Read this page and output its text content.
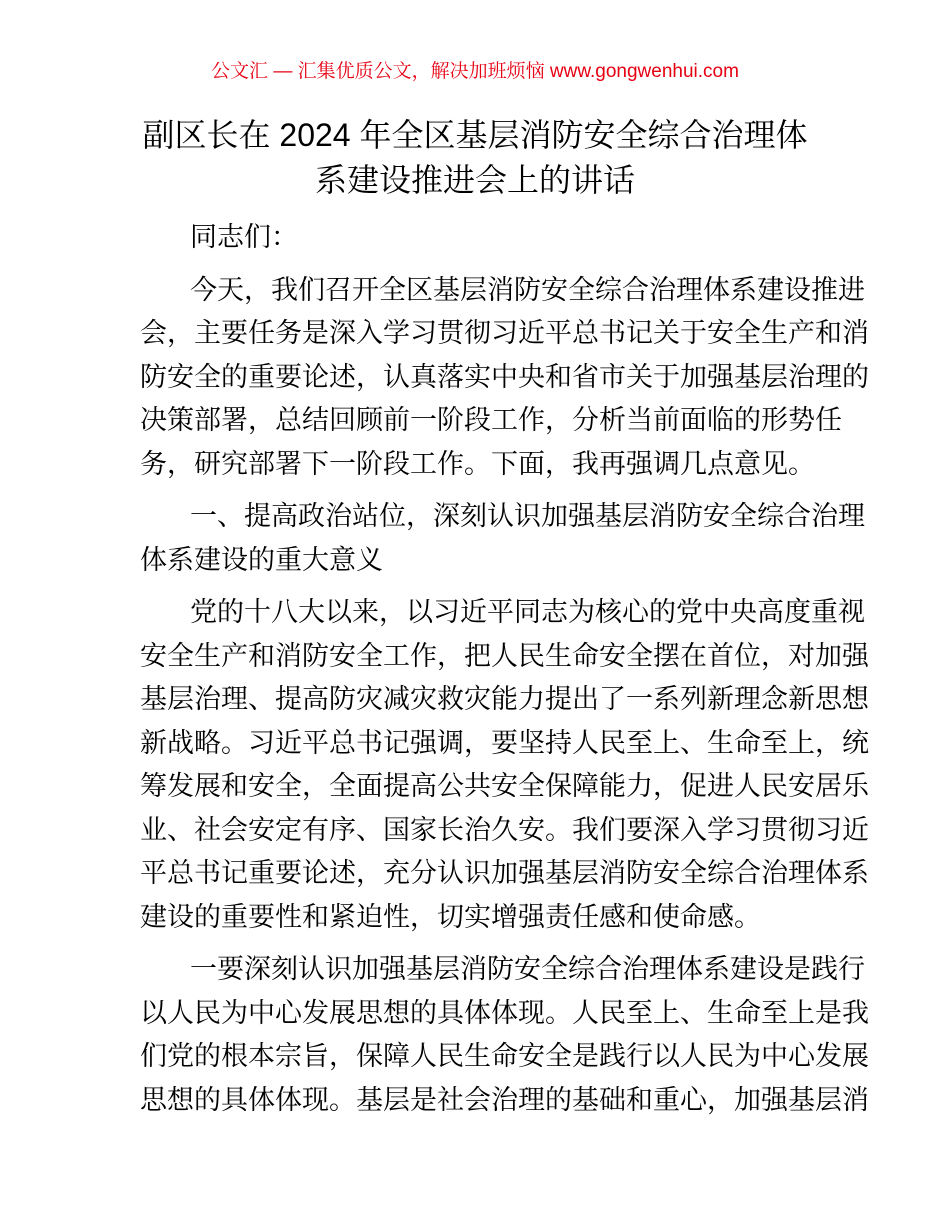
公文汇 — 汇集优质公文，解决加班烦恼 www.gongwenhui.com
副区长在 2024 年全区基层消防安全综合治理体
系建设推进会上的讲话
同志们：
今天，我们召开全区基层消防安全综合治理体系建设推进
会，主要任务是深入学习贯彻习近平总书记关于安全生产和消
防安全的重要论述，认真落实中央和省市关于加强基层治理的
决策部署，总结回顾前一阶段工作，分析当前面临的形势任
务，研究部署下一阶段工作。下面，我再强调几点意见。
一、提高政治站位，深刻认识加强基层消防安全综合治理
体系建设的重大意义
党的十八大以来，以习近平同志为核心的党中央高度重视
安全生产和消防安全工作，把人民生命安全摆在首位，对加强
基层治理、提高防灾减灾救灾能力提出了一系列新理念新思想
新战略。习近平总书记强调，要坚持人民至上、生命至上，统
筹发展和安全，全面提高公共安全保障能力，促进人民安居乐
业、社会安定有序、国家长治久安。我们要深入学习贯彻习近
平总书记重要论述，充分认识加强基层消防安全综合治理体系
建设的重要性和紧迫性，切实增强责任感和使命感。
一要深刻认识加强基层消防安全综合治理体系建设是践行
以人民为中心发展思想的具体体现。人民至上、生命至上是我
们党的根本宗旨，保障人民生命安全是践行以人民为中心发展
思想的具体体现。基层是社会治理的基础和重心，加强基层消
